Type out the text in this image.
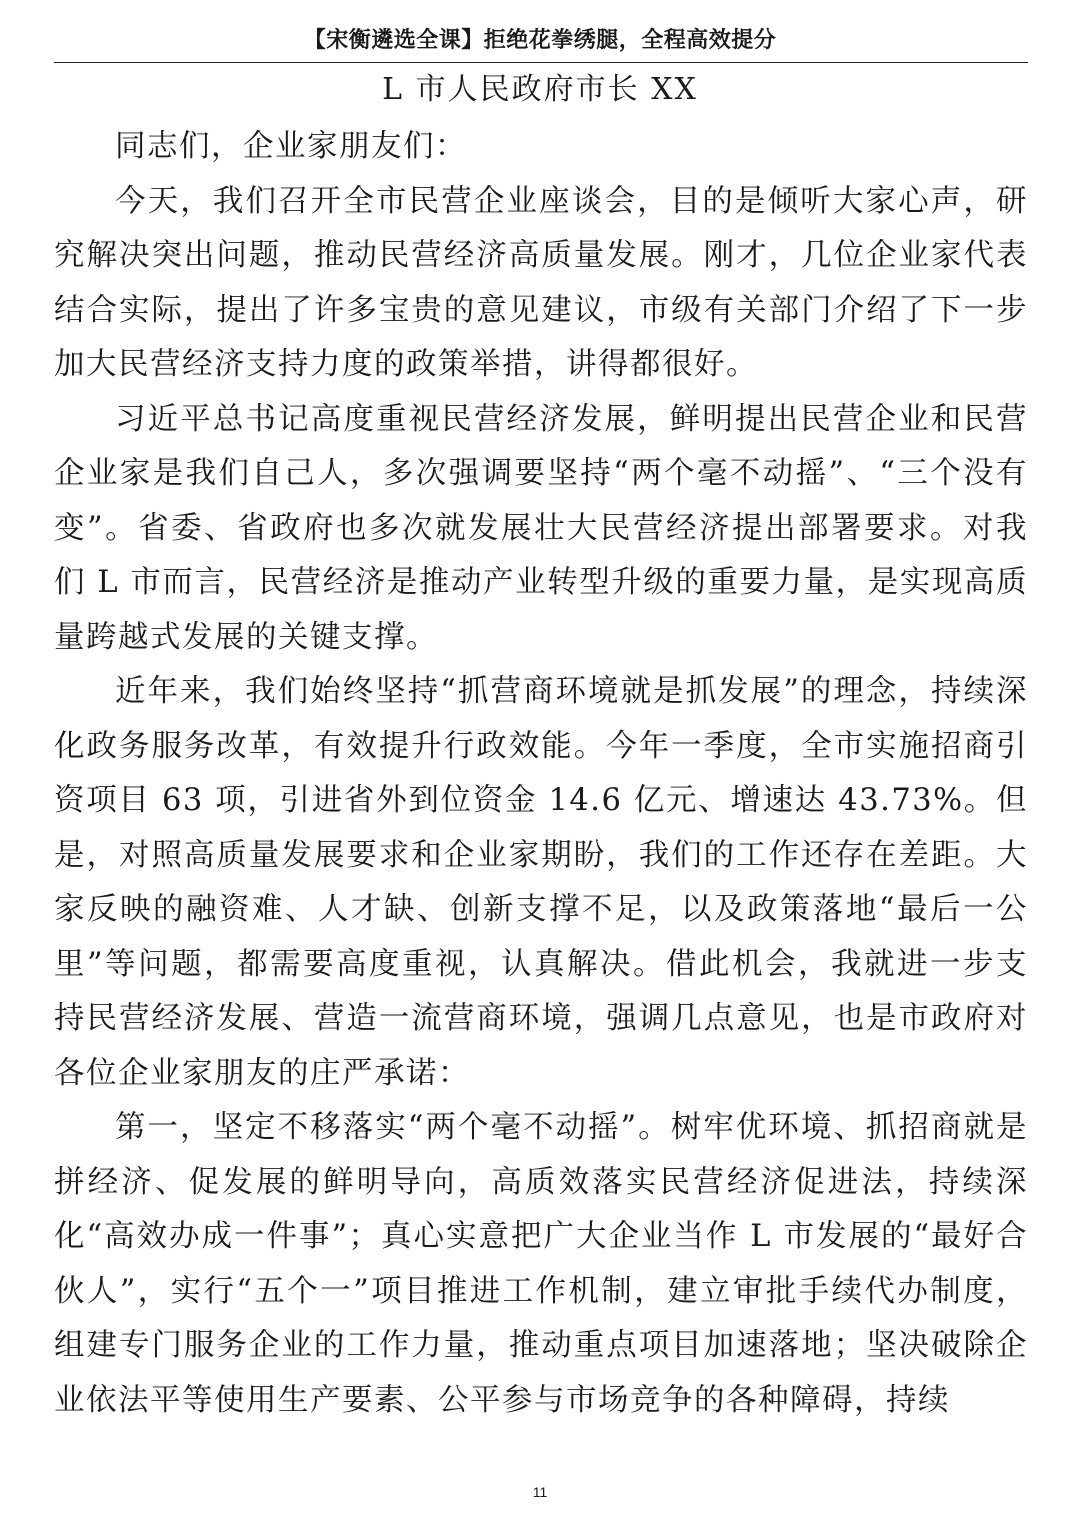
【宋衡遴选全课】拒绝花拳绣腿，全程高效提分
L 市人民政府市长 XX

同志们，企业家朋友们：

今天，我们召开全市民营企业座谈会，目的是倾听大家心声，研究解决突出问题，推动民营经济高质量发展。刚才，几位企业家代表结合实际，提出了许多宝贵的意见建议，市级有关部门介绍了下一步加大民营经济支持力度的政策举措，讲得都很好。

习近平总书记高度重视民营经济发展，鲜明提出民营企业和民营企业家是我们自己人，多次强调要坚持“两个毫不动摇”、“三个没有变”。省委、省政府也多次就发展壮大民营经济提出部署要求。对我们 L 市而言，民营经济是推动产业转型升级的重要力量，是实现高质量跨越式发展的关键支撑。

近年来，我们始终坚持“抓营商环境就是抓发展”的理念，持续深化政务服务改革，有效提升行政效能。今年一季度，全市实施招商引资项目 63 项，引进省外到位资金 14.6 亿元、增速达 43.73%。但是，对照高质量发展要求和企业家期盼，我们的工作还存在差距。大家反映的融资难、人才缺、创新支撑不足，以及政策落地“最后一公里”等问题，都需要高度重视，认真解决。借此机会，我就进一步支持民营经济发展、营造一流营商环境，强调几点意见，也是市政府对各位企业家朋友的庄严承诺：

第一，坚定不移落实“两个毫不动摇”。树牢优环境、抓招商就是拼经济、促发展的鲜明导向，高质效落实民营经济促进法，持续深化“高效办成一件事”；真心实意把广大企业当作 L 市发展的“最好合伙人”，实行“五个一”项目推进工作机制，建立审批手续代办制度，组建专门服务企业的工作力量，推动重点项目加速落地；坚决破除企业依法平等使用生产要素、公平参与市场竞争的各种障碍，持续

11
